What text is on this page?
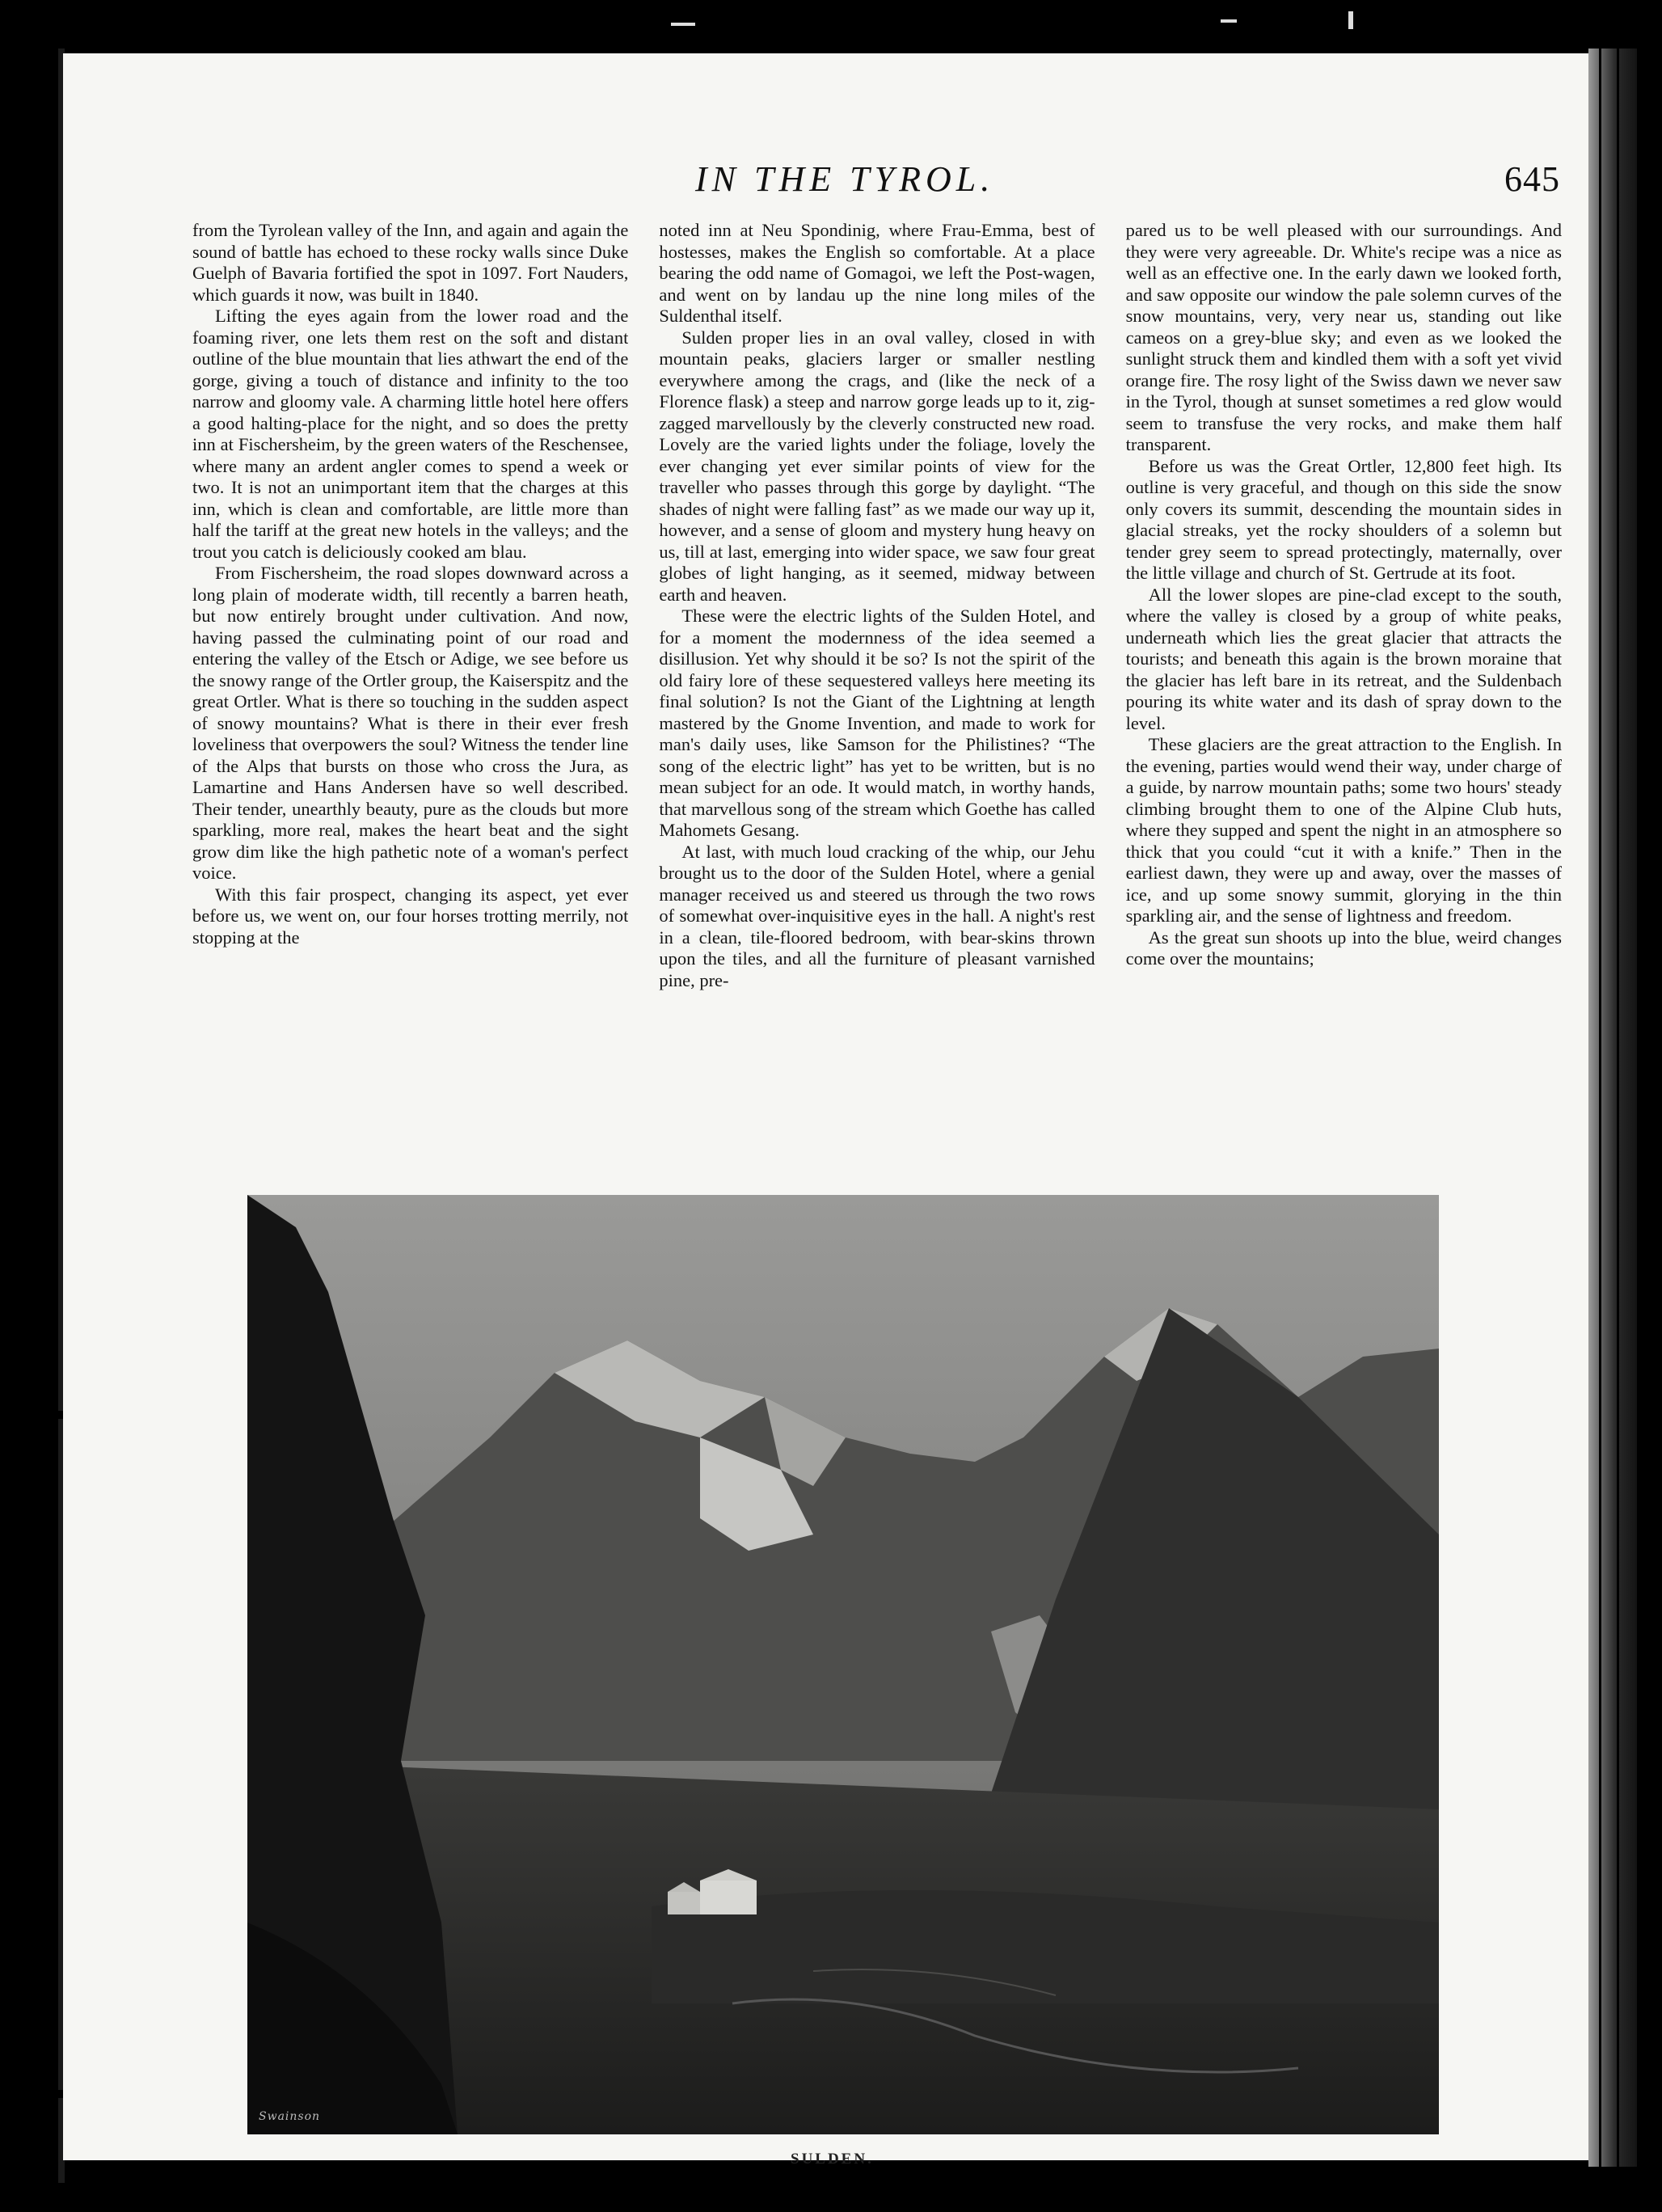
IN THE TYROL.	645

from the Tyrolean valley of the Inn, and again and again the sound of battle has echoed to these rocky walls since Duke Guelph of Bavaria fortified the spot in 1097. Fort Nauders, which guards it now, was built in 1840.

Lifting the eyes again from the lower road and the foaming river, one lets them rest on the soft and distant outline of the blue mountain that lies athwart the end of the gorge, giving a touch of distance and infinity to the too narrow and gloomy vale. A charming little hotel here offers a good halting-place for the night, and so does the pretty inn at Fischersheim, by the green waters of the Reschensee, where many an ardent angler comes to spend a week or two. It is not an unimportant item that the charges at this inn, which is clean and comfortable, are little more than half the tariff at the great new hotels in the valleys; and the trout you catch is deliciously cooked am blau.

From Fischersheim, the road slopes downward across a long plain of moderate width, till recently a barren heath, but now entirely brought under cultivation. And now, having passed the culminating point of our road and entering the valley of the Etsch or Adige, we see before us the snowy range of the Ortler group, the Kaiserspitz and the great Ortler. What is there so touching in the sudden aspect of snowy mountains? What is there in their ever fresh loveliness that overpowers the soul? Witness the tender line of the Alps that bursts on those who cross the Jura, as Lamartine and Hans Andersen have so well described. Their tender, unearthly beauty, pure as the clouds but more sparkling, more real, makes the heart beat and the sight grow dim like the high pathetic note of a woman's perfect voice.

With this fair prospect, changing its aspect, yet ever before us, we went on, our four horses trotting merrily, not stopping at the

noted inn at Neu Spondinig, where Frau-Emma, best of hostesses, makes the English so comfortable. At a place bearing the odd name of Gomagoi, we left the Post-wagen, and went on by landau up the nine long miles of the Suldenthal itself.

Sulden proper lies in an oval valley, closed in with mountain peaks, glaciers larger or smaller nestling everywhere among the crags, and (like the neck of a Florence flask) a steep and narrow gorge leads up to it, zig-zagged marvellously by the cleverly constructed new road. Lovely are the varied lights under the foliage, lovely the ever changing yet ever similar points of view for the traveller who passes through this gorge by daylight. “The shades of night were falling fast” as we made our way up it, however, and a sense of gloom and mystery hung heavy on us, till at last, emerging into wider space, we saw four great globes of light hanging, as it seemed, midway between earth and heaven.

These were the electric lights of the Sulden Hotel, and for a moment the modernness of the idea seemed a disillusion. Yet why should it be so? Is not the spirit of the old fairy lore of these sequestered valleys here meeting its final solution? Is not the Giant of the Lightning at length mastered by the Gnome Invention, and made to work for man's daily uses, like Samson for the Philistines? “The song of the electric light” has yet to be written, but is no mean subject for an ode. It would match, in worthy hands, that marvellous song of the stream which Goethe has called Mahomets Gesang.

At last, with much loud cracking of the whip, our Jehu brought us to the door of the Sulden Hotel, where a genial manager received us and steered us through the two rows of somewhat over-inquisitive eyes in the hall. A night's rest in a clean, tile-floored bedroom, with bear-skins thrown upon the tiles, and all the furniture of pleasant varnished pine, pre-

pared us to be well pleased with our surroundings. And they were very agreeable. Dr. White's recipe was a nice as well as an effective one. In the early dawn we looked forth, and saw opposite our window the pale solemn curves of the snow mountains, very, very near us, standing out like cameos on a grey-blue sky; and even as we looked the sunlight struck them and kindled them with a soft yet vivid orange fire. The rosy light of the Swiss dawn we never saw in the Tyrol, though at sunset sometimes a red glow would seem to transfuse the very rocks, and make them half transparent.

Before us was the Great Ortler, 12,800 feet high. Its outline is very graceful, and though on this side the snow only covers its summit, descending the mountain sides in glacial streaks, yet the rocky shoulders of a solemn but tender grey seem to spread protectingly, maternally, over the little village and church of St. Gertrude at its foot.

All the lower slopes are pine-clad except to the south, where the valley is closed by a group of white peaks, underneath which lies the great glacier that attracts the tourists; and beneath this again is the brown moraine that the glacier has left bare in its retreat, and the Suldenbach pouring its white water and its dash of spray down to the level.

These glaciers are the great attraction to the English. In the evening, parties would wend their way, under charge of a guide, by narrow mountain paths; some two hours' steady climbing brought them to one of the Alpine Club huts, where they supped and spent the night in an atmosphere so thick that you could “cut it with a knife.” Then in the earliest dawn, they were up and away, over the masses of ice, and up some snowy summit, glorying in the thin sparkling air, and the sense of lightness and freedom.

As the great sun shoots up into the blue, weird changes come over the mountains;

Swainson
SULDEN.
